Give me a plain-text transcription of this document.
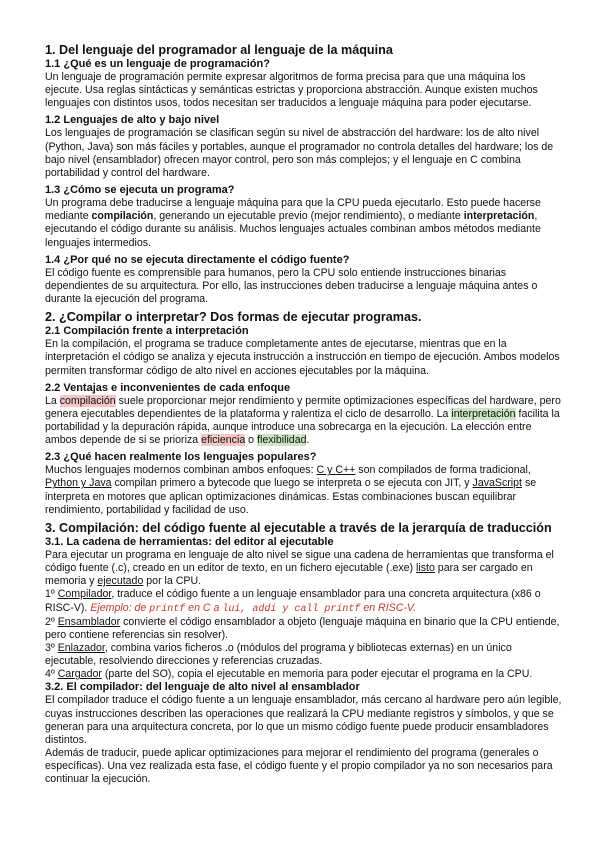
1. Del lenguaje del programador al lenguaje de la máquina
1.1 ¿Qué es un lenguaje de programación?

Un lenguaje de programación permite expresar algoritmos de forma precisa para que una máquina los ejecute. Usa reglas sintácticas y semánticas estrictas y proporciona abstracción. Aunque existen muchos lenguajes con distintos usos, todos necesitan ser traducidos a lenguaje máquina para poder ejecutarse.

1.2 Lenguajes de alto y bajo nivel

Los lenguajes de programación se clasifican según su nivel de abstracción del hardware: los de alto nivel (Python, Java) son más fáciles y portables, aunque el programador no controla detalles del hardware; los de bajo nivel (ensamblador) ofrecen mayor control, pero son más complejos; y el lenguaje en C combina portabilidad y control del hardware.

1.3 ¿Cómo se ejecuta un programa?

Un programa debe traducirse a lenguaje máquina para que la CPU pueda ejecutarlo. Esto puede hacerse mediante compilación, generando un ejecutable previo (mejor rendimiento), o mediante interpretación, ejecutando el código durante su análisis. Muchos lenguajes actuales combinan ambos métodos mediante lenguajes intermedios.

1.4 ¿Por qué no se ejecuta directamente el código fuente?

El código fuente es comprensible para humanos, pero la CPU solo entiende instrucciones binarias dependientes de su arquitectura. Por ello, las instrucciones deben traducirse a lenguaje máquina antes o durante la ejecución del programa.

2. ¿Compilar o interpretar? Dos formas de ejecutar programas.
2.1 Compilación frente a interpretación

En la compilación, el programa se traduce completamente antes de ejecutarse, mientras que en la interpretación el código se analiza y ejecuta instrucción a instrucción en tiempo de ejecución. Ambos modelos permiten transformar código de alto nivel en acciones ejecutables por la máquina.

2.2 Ventajas e inconvenientes de cada enfoque

La compilación suele proporcionar mejor rendimiento y permite optimizaciones específicas del hardware, pero genera ejecutables dependientes de la plataforma y ralentiza el ciclo de desarrollo. La interpretación facilita la portabilidad y la depuración rápida, aunque introduce una sobrecarga en la ejecución. La elección entre ambos depende de si se prioriza eficiencia o flexibilidad.

2.3 ¿Qué hacen realmente los lenguajes populares?

Muchos lenguajes modernos combinan ambos enfoques: C y C++ son compilados de forma tradicional, Python y Java compilan primero a bytecode que luego se interpreta o se ejecuta con JIT, y JavaScript se interpreta en motores que aplican optimizaciones dinámicas. Estas combinaciones buscan equilibrar rendimiento, portabilidad y facilidad de uso.

3. Compilación: del código fuente al ejecutable a través de la jerarquía de traducción
3.1. La cadena de herramientas: del editor al ejecutable

Para ejecutar un programa en lenguaje de alto nivel se sigue una cadena de herramientas que transforma el código fuente (.c), creado en un editor de texto, en un fichero ejecutable (.exe) listo para ser cargado en memoria y ejecutado por la CPU.

1º Compilador, traduce el código fuente a un lenguaje ensamblador para una concreta arquitectura (x86 o RISC-V). Ejemplo: de printf en C a lui, addi y call printf en RISC-V.

2º Ensamblador convierte el código ensamblador a objeto (lenguaje máquina en binario que la CPU entiende, pero contiene referencias sin resolver).

3º Enlazador, combina varios ficheros .o (módulos del programa y bibliotecas externas) en un único ejecutable, resolviendo direcciones y referencias cruzadas.

4º Cargador (parte del SO), copia el ejecutable en memoria para poder ejecutar el programa en la CPU.

3.2. El compilador: del lenguaje de alto nivel al ensamblador

El compilador traduce el código fuente a un lenguaje ensamblador, más cercano al hardware pero aún legible, cuyas instrucciones describen las operaciones que realizará la CPU mediante registros y símbolos, y que se generan para una arquitectura concreta, por lo que un mismo código fuente puede producir ensambladores distintos.

Además de traducir, puede aplicar optimizaciones para mejorar el rendimiento del programa (generales o específicas). Una vez realizada esta fase, el código fuente y el propio compilador ya no son necesarios para continuar la ejecución.
